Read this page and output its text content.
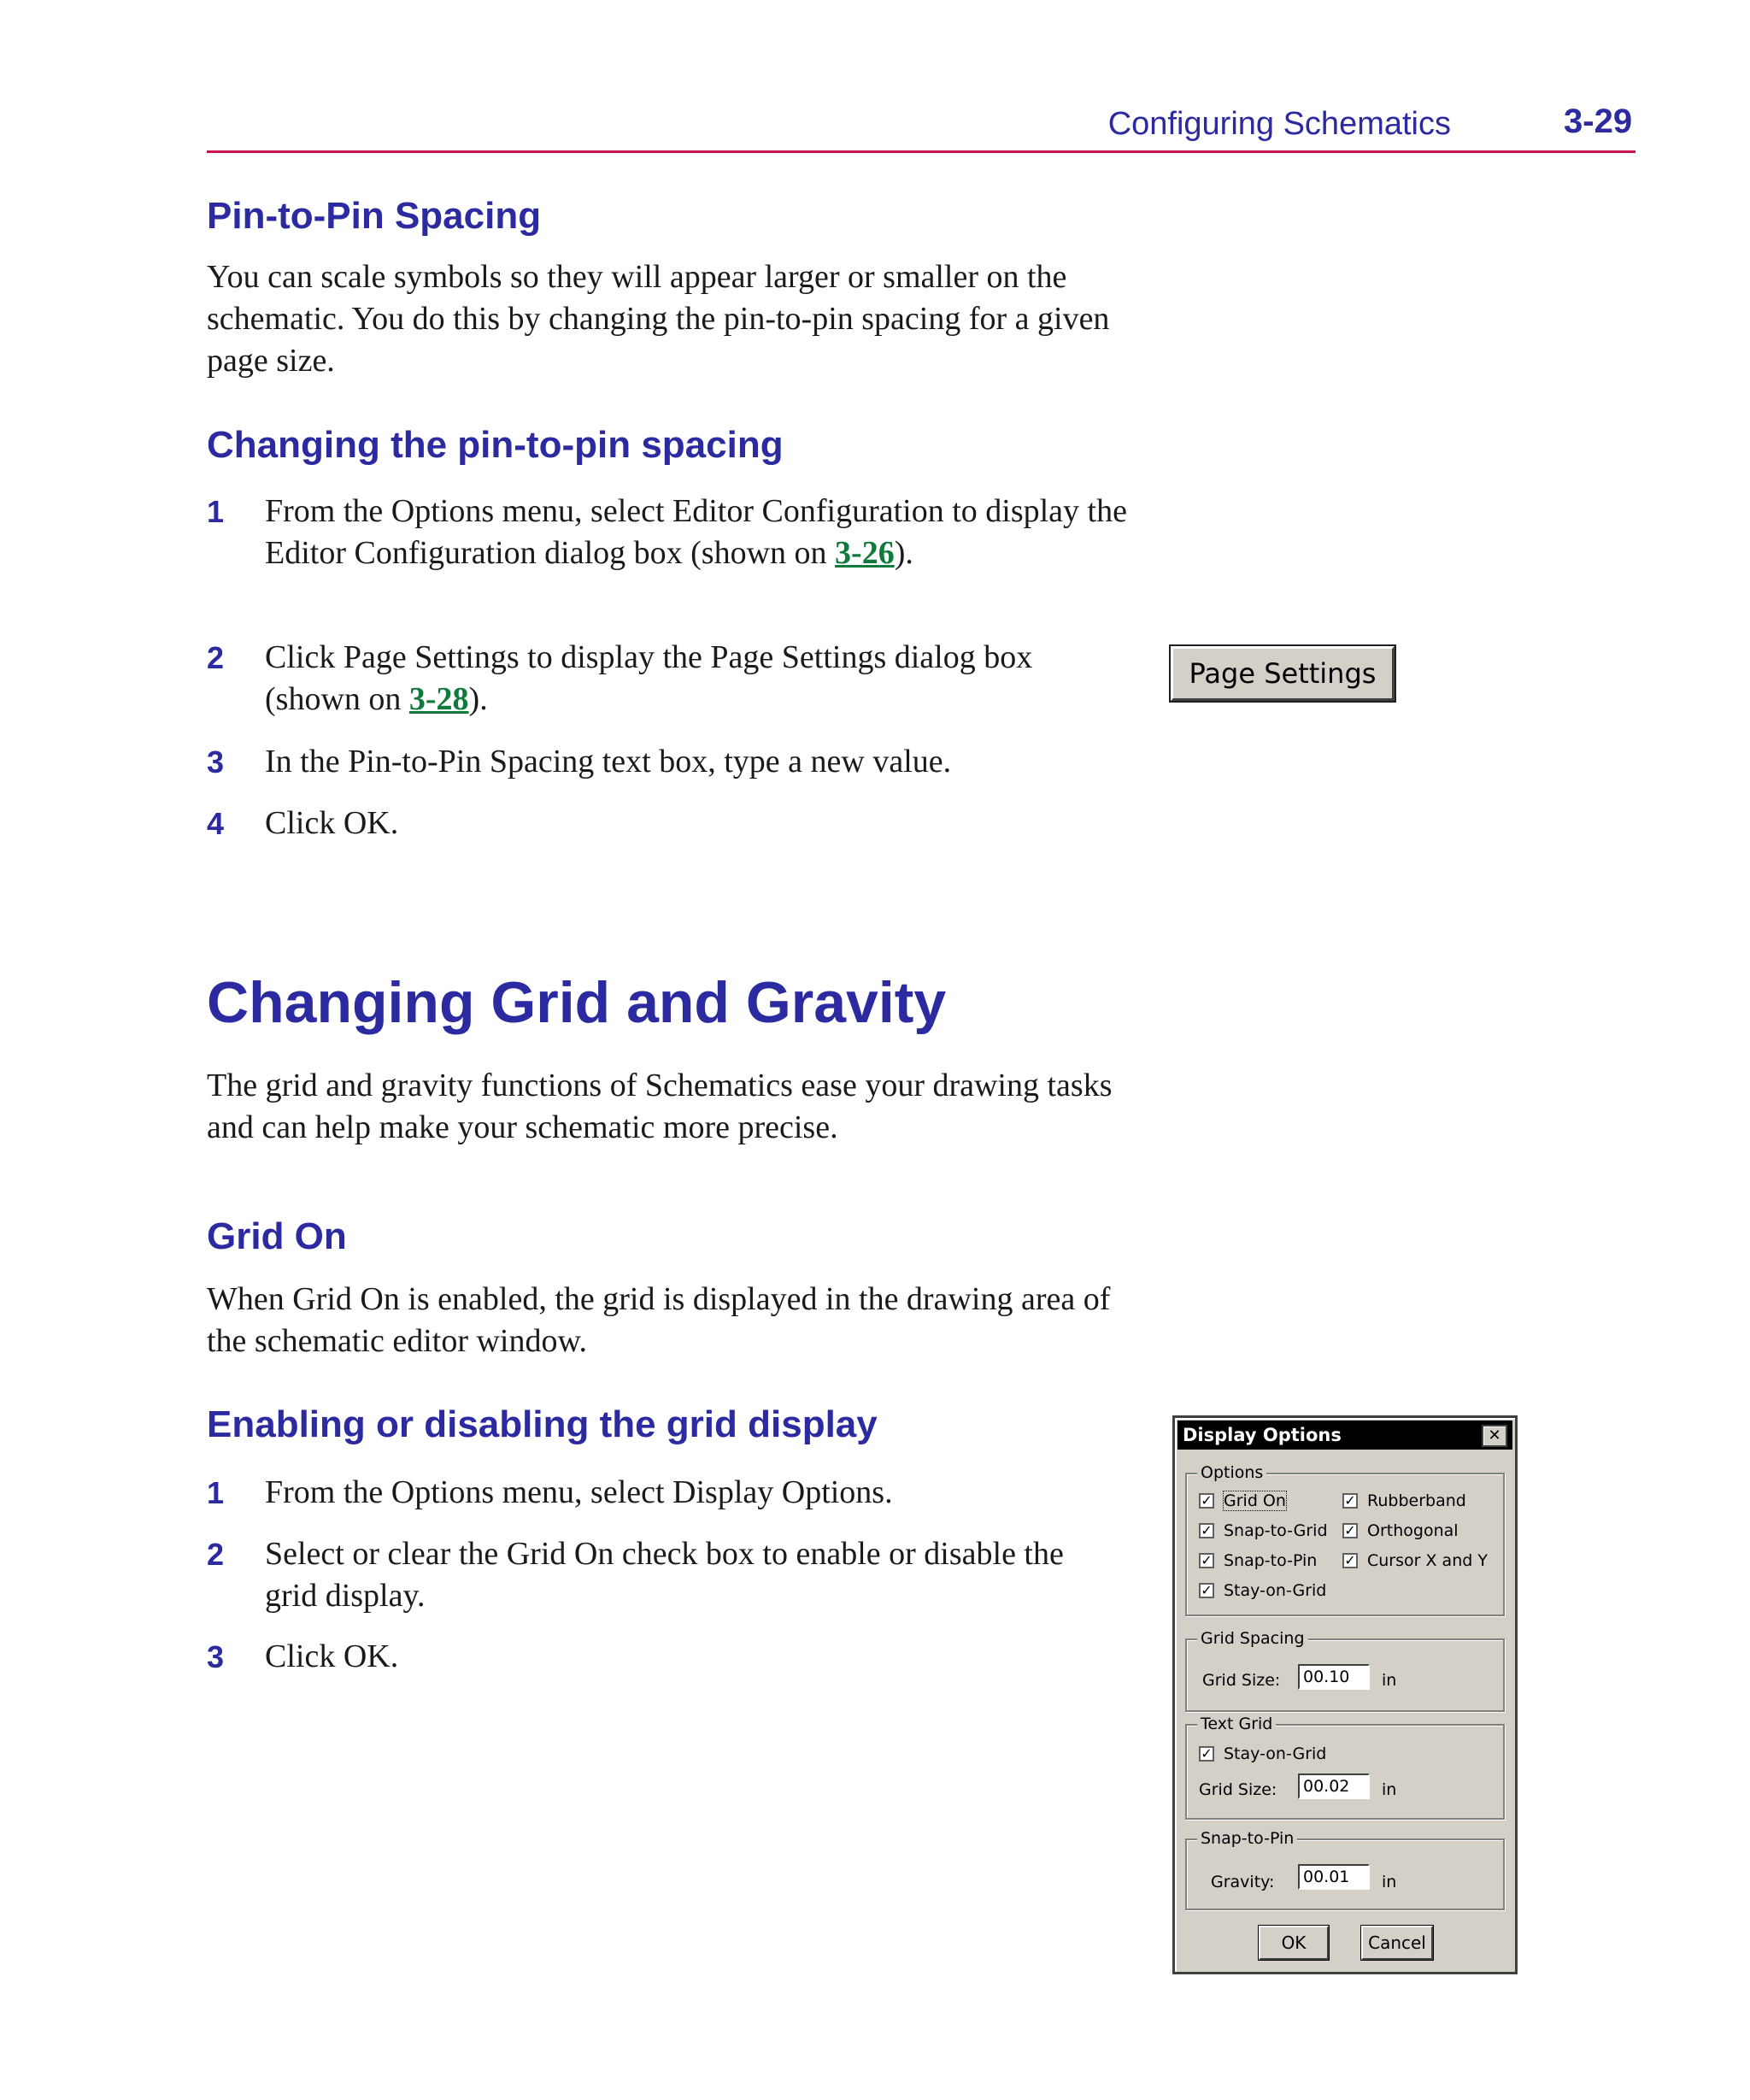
Configuring Schematics	3-29
Pin-to-Pin Spacing

You can scale symbols so they will appear larger or smaller on the schematic. You do this by changing the pin-to-pin spacing for a given page size.

Changing the pin-to-pin spacing
1 From the Options menu, select Editor Configuration to display the Editor Configuration dialog box (shown on 3-26).
2 Click Page Settings to display the Page Settings dialog box (shown on 3-28).
3 In the Pin-to-Pin Spacing text box, type a new value.
4 Click OK.
Page Settings
Changing Grid and Gravity

The grid and gravity functions of Schematics ease your drawing tasks and can help make your schematic more precise.

Grid On

When Grid On is enabled, the grid is displayed in the drawing area of the schematic editor window.

Enabling or disabling the grid display
1 From the Options menu, select Display Options.
2 Select or clear the Grid On check box to enable or disable the grid display.
3 Click OK.
Display Options	✕
Options
✓ Grid On
✓ Snap-to-Grid
✓ Snap-to-Pin
✓ Stay-on-Grid
✓ Rubberband
✓ Orthogonal
✓ Cursor X and Y
Grid Spacing
Grid Size:	00.10	in
Text Grid
✓ Stay-on-Grid
Grid Size:	00.02	in
Snap-to-Pin
Gravity:	00.01	in
OK	Cancel
